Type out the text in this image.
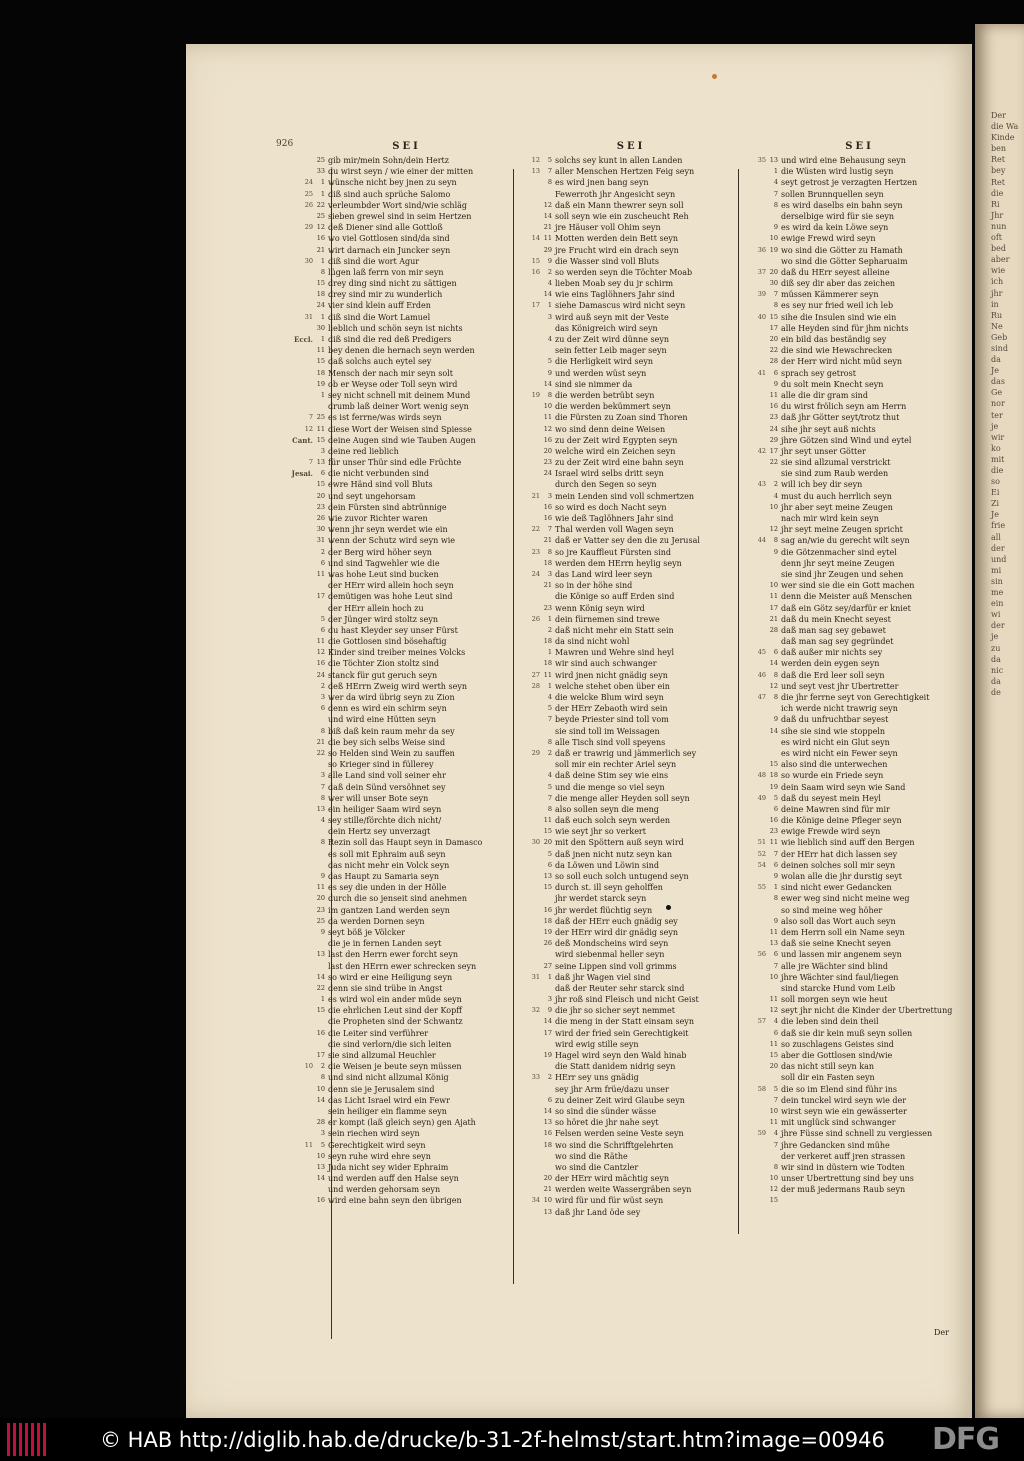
Der
die Wa
Kinde
ben
Ret
bey
Ret
die
Ri
Jhr
nun
oft
bed
aber
wie
ich
jhr
in
Ru
Ne
Geb
sind
da
Je
das
Ge
nor
ter
je
wir
ko
mit
die
so
Ei
Zi
Je
frie
all
der
und
mi
sin
me
ein
wi
der
je
zu
da
nic
da
de
926	SEI
25 gib mir/mein Sohn/dein Hertz
33 du wirst seyn / wie einer der mitten
24	1 wünsche nicht bey jnen zu seyn
25	1 diß sind auch sprüche Salomo
26 22 verleumbder Wort sind/wie schläg
25 sieben grewel sind in seim Hertzen
29 12 deß Diener sind alle Gottloß
16 wo viel Gottlosen sind/da sind
21 wirt darnach ein Juncker seyn
30	1 diß sind die wort Agur
8 lügen laß ferrn von mir seyn
15 drey ding sind nicht zu sättigen
18 drey sind mir zu wunderlich
24 vier sind klein auff Erden
31	1 diß sind die Wort Lamuel
30 lieblich und schön seyn ist nichts
Eccl.	1 diß sind die red deß Predigers
11 bey denen die hernach seyn werden
15 daß solchs auch eytel sey
18 Mensch der nach mir seyn solt
19 ob er Weyse oder Toll seyn wird
1 sey nicht schnell mit deinem Mund
drumb laß deiner Wort wenig seyn
7 25 es ist ferrne/was wirds seyn
12 11 diese Wort der Weisen sind Spiesse
Cant. 15 deine Augen sind wie Tauben Augen
3 deine red lieblich
7 13 für unser Thür sind edle Früchte
Jesai.	6 die nicht verbunden sind
15 ewre Händ sind voll Bluts
20 und seyt ungehorsam
23 dein Fürsten sind abtrünnige
26 wie zuvor Richter waren
30 wenn jhr seyn werdet wie ein
31 wenn der Schutz wird seyn wie
2 der Berg wird höher seyn
6 und sind Tagwehler wie die
11 was hohe Leut sind bucken
der HErr wird allein hoch seyn
17 demütigen was hohe Leut sind
der HErr allein hoch zu
5 der Jünger wird stoltz seyn
6 du hast Kleyder sey unser Fürst
11 die Gottlosen sind bösehaftig
12 Kinder sind treiber meines Volcks
16 die Töchter Zion stoltz sind
24 stanck für gut geruch seyn
2 deß HErrn Zweig wird werth seyn
3 wer da wird übrig seyn zu Zion
6 denn es wird ein schirm seyn
und wird eine Hütten seyn
8 biß daß kein raum mehr da sey
21 die bey sich selbs Weise sind
22 so Helden sind Wein zu sauffen
so Krieger sind in füllerey
3 alle Land sind voll seiner ehr
7 daß dein Sünd versöhnet sey
8 wer will unser Bote seyn
13 ein heiliger Saam wird seyn
4 sey stille/förchte dich nicht/
dein Hertz sey unverzagt
8 Rezin soll das Haupt seyn in Damasco
es soll mit Ephraim auß seyn
das nicht mehr ein Volck seyn
9 das Haupt zu Samaria seyn
11 es sey die unden in der Hölle
20 durch die so jenseit sind anehmen
23 im gantzen Land werden seyn
25 da werden Dornen seyn
9 seyt böß je Völcker
die je in fernen Landen seyt
13 last den Herrn ewer forcht seyn
last den HErrn ewer schrecken seyn
14 so wird er eine Heiligung seyn
22 denn sie sind trübe in Angst
1 es wird wol ein ander müde seyn
15 die ehrlichen Leut sind der Kopff
die Propheten sind der Schwantz
16 die Leiter sind verführer
die sind verlorn/die sich leiten
17 sie sind allzumal Heuchler
10	2 die Weisen je beute seyn müssen
8 und sind nicht allzumal König
10 denn sie je Jerusalem sind
14 das Licht Israel wird ein Fewr
sein heiliger ein flamme seyn
28 er kompt (laß gleich seyn) gen Ajath
3 sein riechen wird seyn
11	5 Gerechtigkeit wird seyn
10 seyn ruhe wird ehre seyn
13 Juda nicht sey wider Ephraim
14 und werden auff den Halse seyn
und werden gehorsam seyn
16 wird eine bahn seyn den übrigen
SEI
12	5 solchs sey kunt in allen Landen
13	7 aller Menschen Hertzen Feig seyn
8 es wird jnen bang seyn
Fewerroth jhr Angesicht seyn
12 daß ein Mann thewrer seyn soll
14 soll seyn wie ein zuscheucht Reh
21 jre Häuser voll Ohim seyn
14 11 Motten werden dein Bett seyn
29 jre Frucht wird ein drach seyn
15	9 die Wasser sind voll Bluts
16	2 so werden seyn die Töchter Moab
4 lieben Moab sey du jr schirm
14 wie eins Taglöhners Jahr sind
17	1 siehe Damascus wird nicht seyn
3 wird auß seyn mit der Veste
das Königreich wird seyn
4 zu der Zeit wird dünne seyn
sein fetter Leib mager seyn
5 die Herligkeit wird seyn
9 und werden wüst seyn
14 sind sie nimmer da
19	8 die werden betrübt seyn
10 die werden bekümmert seyn
11 die Fürsten zu Zoan sind Thoren
12 wo sind denn deine Weisen
16 zu der Zeit wird Egypten seyn
20 welche wird ein Zeichen seyn
23 zu der Zeit wird eine bahn seyn
24 Israel wird selbs dritt seyn
durch den Segen so seyn
21	3 mein Lenden sind voll schmertzen
16 so wird es doch Nacht seyn
16 wie deß Taglöhners Jahr sind
22	7 Thal werden voll Wagen seyn
21 daß er Vatter sey den die zu Jerusal
23	8 so jre Kauffleut Fürsten sind
18 werden dem HErrn heylig seyn
24	3 das Land wird leer seyn
21 so in der höhe sind
die Könige so auff Erden sind
23 wenn König seyn wird
26	1 dein fürnemen sind trewe
2 daß nicht mehr ein Statt sein
18 da sind nicht wohl
1 Mawren und Wehre sind heyl
18 wir sind auch schwanger
27 11 wird jnen nicht gnädig seyn
28	1 welche stehet oben über ein
4 die welcke Blum wird seyn
5 der HErr Zebaoth wird sein
7 beyde Priester sind toll vom
sie sind toll im Weissagen
8 alle Tisch sind voll speyens
29	2 daß er trawrig und jämmerlich sey
soll mir ein rechter Ariel seyn
4 daß deine Stim sey wie eins
5 und die menge so viel seyn
7 die menge aller Heyden soll seyn
8 also sollen seyn die meng
11 daß euch solch seyn werden
15 wie seyt jhr so verkert
30 20 mit den Spöttern auß seyn wird
5 daß jnen nicht nutz seyn kan
6 da Löwen und Löwin sind
13 so soll euch solch untugend seyn
15 durch st. ill seyn geholffen
jhr werdet starck seyn
16 jhr werdet flüchtig seyn
18 daß der HErr euch gnädig sey
19 der HErr wird dir gnädig seyn
26 deß Mondscheins wird seyn
wird siebenmal heller seyn
27 seine Lippen sind voll grimms
31	1 daß jhr Wagen viel sind
daß der Reuter sehr starck sind
3 jhr roß sind Fleisch und nicht Geist
32	9 die jhr so sicher seyt nemmet
14 die meng in der Statt einsam seyn
17 wird der fried sein Gerechtigkeit
wird ewig stille seyn
19 Hagel wird seyn den Wald hinab
die Statt danidem nidrig seyn
33	2 HErr sey uns gnädig
sey jhr Arm früe/dazu unser
6 zu deiner Zeit wird Glaube seyn
14 so sind die sünder wässe
13 so höret die jhr nahe seyt
16 Felsen werden seine Veste seyn
18 wo sind die Schrifftgelehrten
wo sind die Räthe
wo sind die Cantzler
20 der HErr wird mächtig seyn
21 werden weite Wassergräben seyn
34 10 wird für und für wüst seyn
13 daß jhr Land öde sey
SEI
35 13 und wird eine Behausung seyn
1 die Wüsten wird lustig seyn
4 seyt getrost je verzagten Hertzen
7 sollen Brunnquellen seyn
8 es wird daselbs ein bahn seyn
derselbige wird für sie seyn
9 es wird da kein Löwe seyn
10 ewige Frewd wird seyn
36 19 wo sind die Götter zu Hamath
wo sind die Götter Sepharuaim
37 20 daß du HErr seyest alleine
30 diß sey dir aber das zeichen
39	7 müssen Kämmerer seyn
8 es sey nur fried weil ich leb
40 15 sihe die Insulen sind wie ein
17 alle Heyden sind für jhm nichts
20 ein bild das beständig sey
22 die sind wie Hewschrecken
28 der Herr wird nicht müd seyn
41	6 sprach sey getrost
9 du solt mein Knecht seyn
11 alle die dir gram sind
16 du wirst frölich seyn am Herrn
23 daß jhr Götter seyt/trotz thut
24 sihe jhr seyt auß nichts
29 jhre Götzen sind Wind und eytel
42 17 jhr seyt unser Götter
22 sie sind allzumal verstrickt
sie sind zum Raub werden
43	2 will ich bey dir seyn
4 must du auch herrlich seyn
10 jhr aber seyt meine Zeugen
nach mir wird kein seyn
12 jhr seyt meine Zeugen spricht
44	8 sag an/wie du gerecht wilt seyn
9 die Götzenmacher sind eytel
denn jhr seyt meine Zeugen
sie sind jhr Zeugen und sehen
10 wer sind sie die ein Gott machen
11 denn die Meister auß Menschen
17 daß ein Götz sey/darfür er kniet
21 daß du mein Knecht seyest
28 daß man sag sey gebawet
daß man sag sey gegründet
45	6 daß außer mir nichts sey
14 werden dein eygen seyn
46	8 daß die Erd leer soll seyn
12 und seyt vest jhr Ubertretter
47	8 die jhr ferrne seyt von Gerechtigkeit
ich werde nicht trawrig seyn
9 daß du unfruchtbar seyest
14 sihe sie sind wie stoppeln
es wird nicht ein Glut seyn
es wird nicht ein Fewer seyn
15 also sind die unterwechen
48 18 so wurde ein Friede seyn
19 dein Saam wird seyn wie Sand
49	5 daß du seyest mein Heyl
6 deine Mawren sind für mir
16 die Könige deine Pfleger seyn
23 ewige Frewde wird seyn
51 11 wie lieblich sind auff den Bergen
52	7 der HErr hat dich lassen sey
54	6 deinen solches soll mir seyn
9 wolan alle die jhr durstig seyt
55	1 sind nicht ewer Gedancken
8 ewer weg sind nicht meine weg
so sind meine weg höher
9 also soll das Wort auch seyn
11 dem Herrn soll ein Name seyn
13 daß sie seine Knecht seyen
56	6 und lassen mir angenem seyn
7 alle jre Wächter sind blind
10 jhre Wächter sind faul/liegen
sind starcke Hund vom Leib
11 soll morgen seyn wie heut
12 seyt jhr nicht die Kinder der Ubertrettung
57	4 die leben sind dein theil
6 daß sie dir kein muß seyn sollen
11 so zuschlagens Geistes sind
15 aber die Gottlosen sind/wie
20 das nicht still seyn kan
soll dir ein Fasten seyn
58	5 die so im Elend sind führ ins
7 dein tunckel wird seyn wie der
10 wirst seyn wie ein gewässerter
11 mit unglück sind schwanger
59	4 jhre Füsse sind schnell zu vergiessen
7 jhre Gedancken sind mühe
der verkeret auff jren strassen
8 wir sind in düstern wie Todten
10 unser Ubertrettung sind bey uns
12 der muß jedermans Raub seyn
15
Der
© HAB http://diglib.hab.de/drucke/b-31-2f-helmst/start.htm?image=00946 DFG
